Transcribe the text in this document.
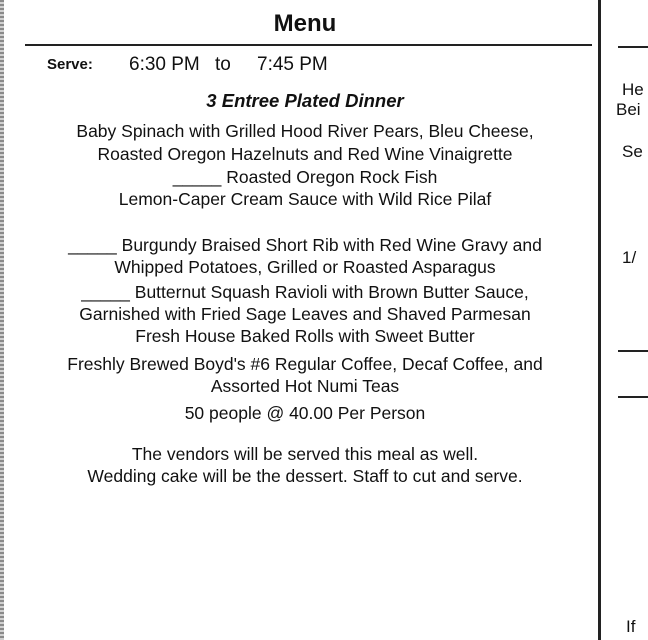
Menu
Serve: 6:30 PM to 7:45 PM
3 Entree Plated Dinner
Baby Spinach with Grilled Hood River Pears, Bleu Cheese,
Roasted Oregon Hazelnuts and Red Wine Vinaigrette
_____ Roasted Oregon Rock Fish
Lemon-Caper Cream Sauce with Wild Rice Pilaf
_____ Burgundy Braised Short Rib with Red Wine Gravy and
Whipped Potatoes, Grilled or Roasted Asparagus
_____ Butternut Squash Ravioli with Brown Butter Sauce,
Garnished with Fried Sage Leaves and Shaved Parmesan
Fresh House Baked Rolls with Sweet Butter
Freshly Brewed Boyd's #6 Regular Coffee, Decaf Coffee, and
Assorted Hot Numi Teas
50 people @ 40.00 Per Person
The vendors will be served this meal as well.
Wedding cake will be the dessert. Staff to cut and serve.
He
Bei
Se
1/
If
